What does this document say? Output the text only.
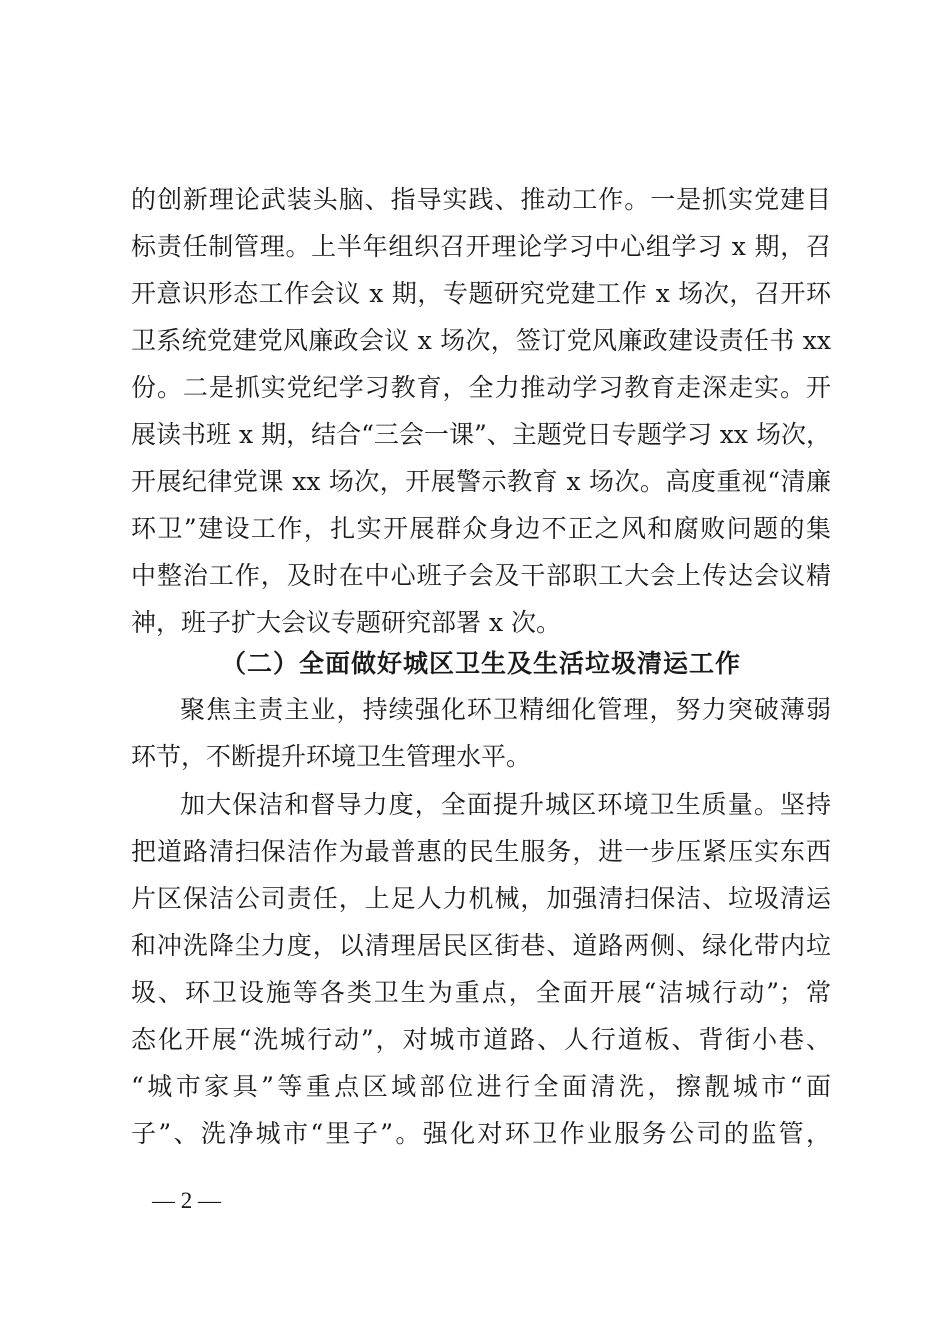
的创新理论武装头脑、指导实践、推动工作。一是抓实党建目
标责任制管理。上半年组织召开理论学习中心组学习 x 期，召
开意识形态工作会议 x 期，专题研究党建工作 x 场次，召开环
卫系统党建党风廉政会议 x 场次，签订党风廉政建设责任书 xx
份。二是抓实党纪学习教育，全力推动学习教育走深走实。开
展读书班 x 期，结合“三会一课”、主题党日专题学习 xx 场次，
开展纪律党课 xx 场次，开展警示教育 x 场次。高度重视“清廉
环卫”建设工作，扎实开展群众身边不正之风和腐败问题的集
中整治工作，及时在中心班子会及干部职工大会上传达会议精
神，班子扩大会议专题研究部署 x 次。
（二）全面做好城区卫生及生活垃圾清运工作
聚焦主责主业，持续强化环卫精细化管理，努力突破薄弱
环节，不断提升环境卫生管理水平。
加大保洁和督导力度，全面提升城区环境卫生质量。坚持
把道路清扫保洁作为最普惠的民生服务，进一步压紧压实东西
片区保洁公司责任，上足人力机械，加强清扫保洁、垃圾清运
和冲洗降尘力度，以清理居民区街巷、道路两侧、绿化带内垃
圾、环卫设施等各类卫生为重点，全面开展“洁城行动”；常
态化开展“洗城行动”，对城市道路、人行道板、背街小巷、
“城市家具”等重点区域部位进行全面清洗，擦靓城市“面
子”、洗净城市“里子”。强化对环卫作业服务公司的监管，
— 2 —
